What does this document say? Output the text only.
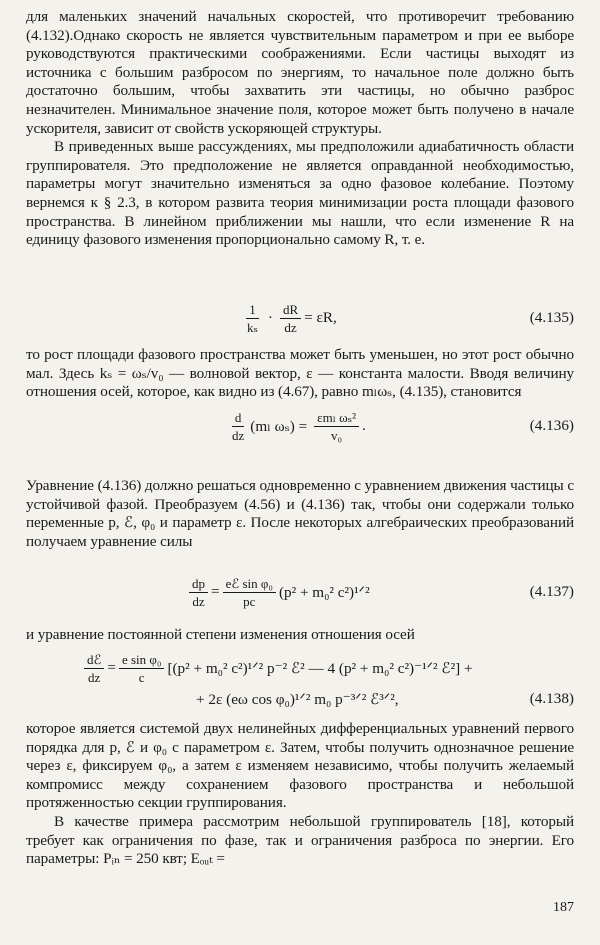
для маленьких значений начальных скоростей, что противоречит требованию (4.132).Однако скорость не является чувствительным параметром и при ее выборе руководствуются практическими соображениями. Если частицы выходят из источника с большим разбросом по энергиям, то начальное поле должно быть достаточно большим, чтобы захватить эти частицы, но обычно разброс незначителен. Минимальное значение поля, которое может быть получено в начале ускорителя, зависит от свойств ускоряющей структуры.

В приведенных выше рассуждениях, мы предположили адиабатичность области группирователя. Это предположение не является оправданной необходимостью, параметры могут значительно изменяться за одно фазовое колебание. Поэтому вернемся к § 2.3, в котором развита теория минимизации роста площади фазового пространства. В линейном приближении мы нашли, что если изменение R на единицу фазового изменения пропорционально самому R, т. е.

$\frac{1}{\text{kₛ}} \cdot \frac{dR}{dz} = \varepsilon R$,	(4.135)

то рост площади фазового пространства может быть уменьшен, но этот рост обычно мал. Здесь kₛ = ωₛ/v₀ — волновой вектор, ε — константа малости. Вводя величину отношения осей, которое, как видно из (4.67), равно mₗωₛ, (4.135), становится

$\frac{d}{dz} (m_l$ $\omega_s) = \frac{\text{εmₗ ωₛ²}}{\text{v₀}}$ .	(4.136)

Уравнение (4.136) должно решаться одновременно с уравнением движения частицы с устойчивой фазой. Преобразуем (4.56) и (4.136) так, чтобы они содержали только переменные p, ℰ, φ₀ и параметр ε. После некоторых алгебраических преобразований получаем уравнение силы

$\frac{dp}{dz} = \frac{\text{eℰ sin φ₀}}{pc} (p^2 + m_0^2$ c²)¹ᐟ²	(4.137)

и уравнение постоянной степени изменения отношения осей

$\frac{\text{dℰ}}{dz} = \frac{\text{e sin φ₀}}{c} [(p^2 + m_0^2$ c²)¹ᐟ² p⁻² ℰ² — 4 (p² + m₀² c²)⁻¹ᐟ² ℰ²] +
+ 2ε (eω cos φ₀)¹ᐟ² m₀ p⁻³ᐟ² ℰ³ᐟ²,	(4.138)

которое является системой двух нелинейных дифференциальных уравнений первого порядка для p, ℰ и φ₀ с параметром ε. Затем, чтобы получить однозначное решение через ε, фиксируем φ₀, а затем ε изменяем независимо, чтобы получить желаемый компромисс между сохранением фазового пространства и небольшой протяженностью секции группирования.

В качестве примера рассмотрим небольшой группирователь [18], который требует как ограничения по фазе, так и ограничения разброса по энергии. Его параметры: Pᵢₙ = 250 квт; Eₒᵤₜ =

187
